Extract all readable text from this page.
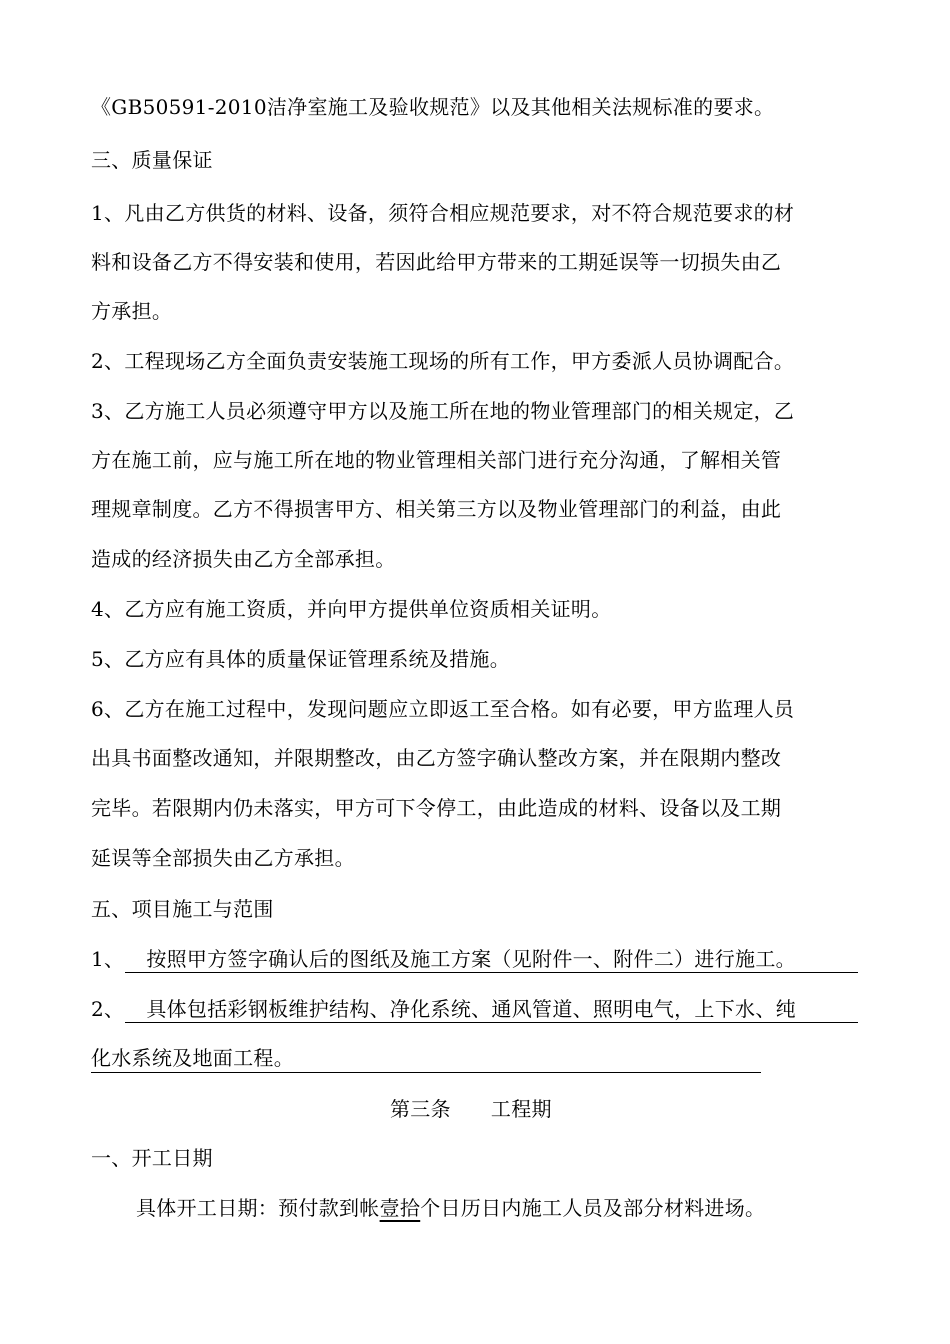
《GB50591-2010洁净室施工及验收规范》以及其他相关法规标准的要求。
三、质量保证
1、凡由乙方供货的材料、设备，须符合相应规范要求，对不符合规范要求的材
料和设备乙方不得安装和使用，若因此给甲方带来的工期延误等一切损失由乙
方承担。
2、工程现场乙方全面负责安装施工现场的所有工作，甲方委派人员协调配合。
3、乙方施工人员必须遵守甲方以及施工所在地的物业管理部门的相关规定，乙
方在施工前，应与施工所在地的物业管理相关部门进行充分沟通，了解相关管
理规章制度。乙方不得损害甲方、相关第三方以及物业管理部门的利益，由此
造成的经济损失由乙方全部承担。
4、乙方应有施工资质，并向甲方提供单位资质相关证明。
5、乙方应有具体的质量保证管理系统及措施。
6、乙方在施工过程中，发现问题应立即返工至合格。如有必要，甲方监理人员
出具书面整改通知，并限期整改，由乙方签字确认整改方案，并在限期内整改
完毕。若限期内仍未落实，甲方可下令停工，由此造成的材料、设备以及工期
延误等全部损失由乙方承担。
五、项目施工与范围
1、 按照甲方签字确认后的图纸及施工方案（见附件一、附件二）进行施工。
2、 具体包括彩钢板维护结构、净化系统、通风管道、照明电气，上下水、纯
化水系统及地面工程。
第三条 工程期
一、开工日期
具体开工日期：预付款到帐壹拾个日历日内施工人员及部分材料进场。
